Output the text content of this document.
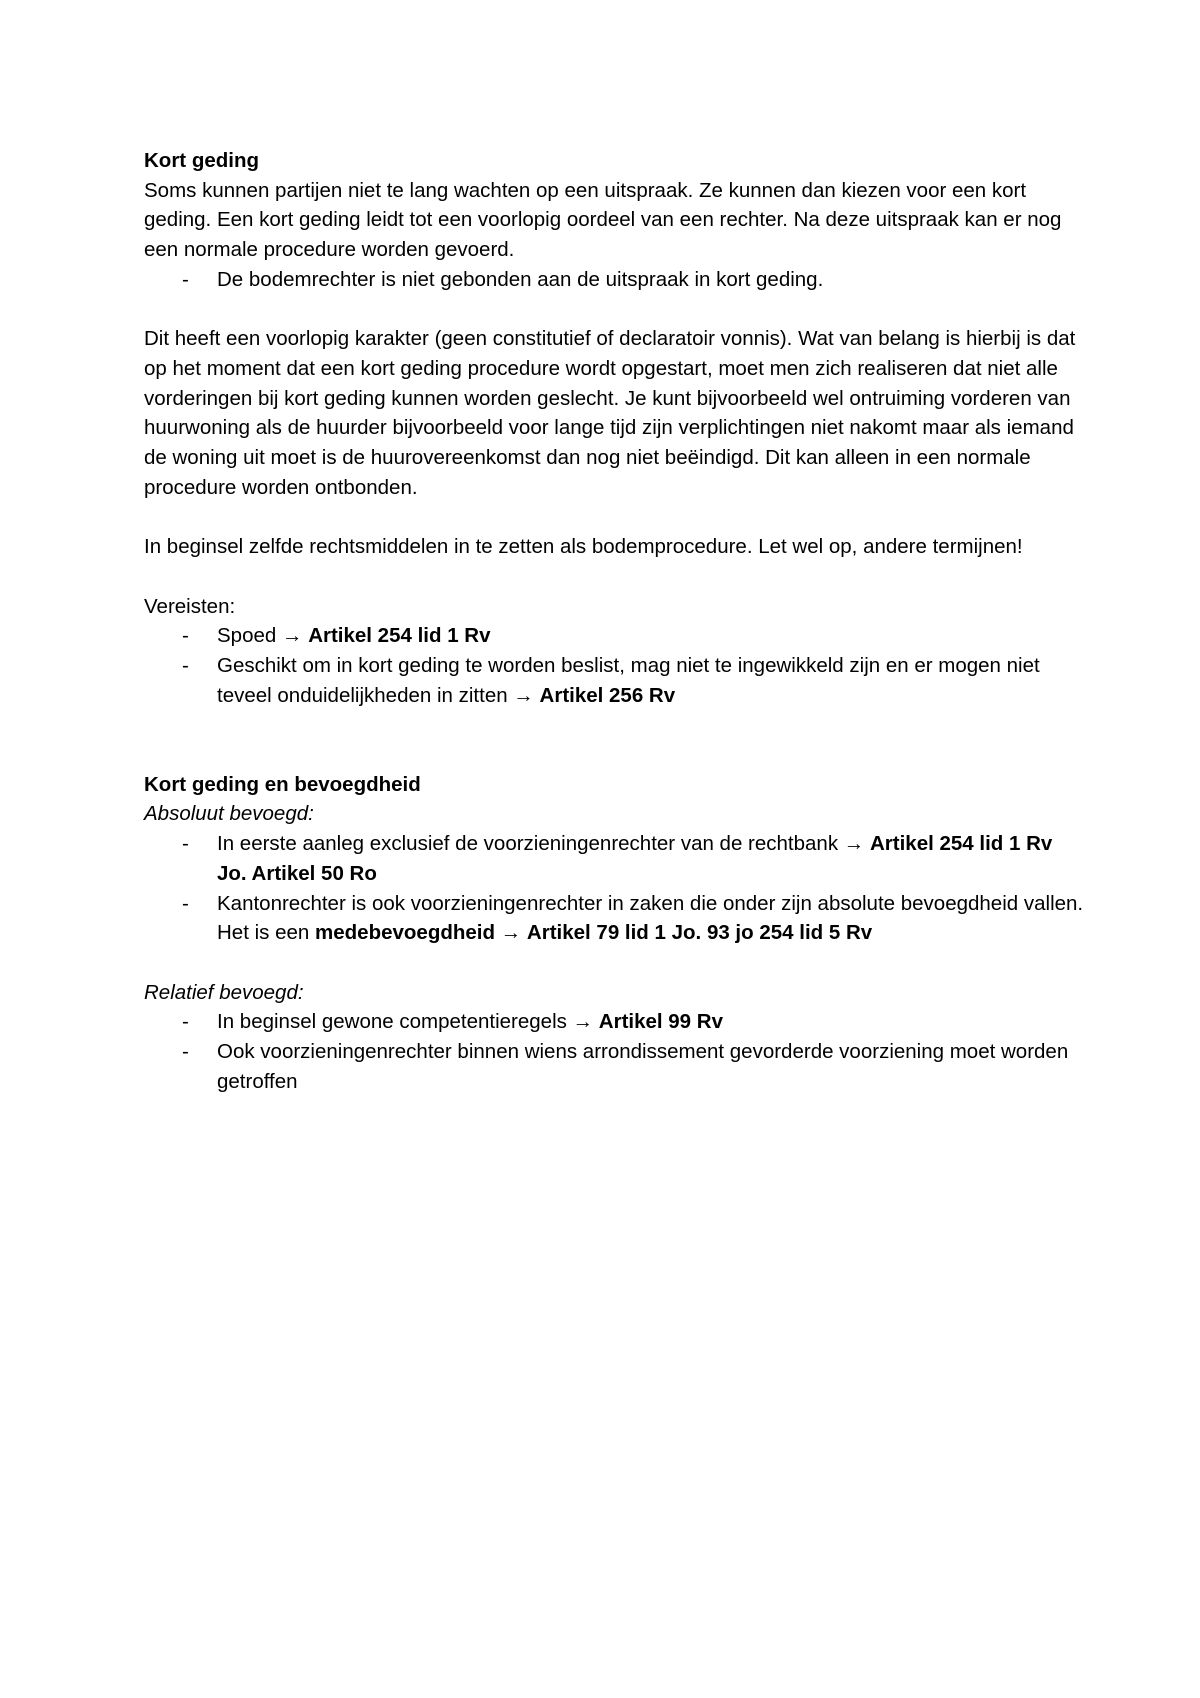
Kort geding

Soms kunnen partijen niet te lang wachten op een uitspraak. Ze kunnen dan kiezen voor een kort geding. Een kort geding leidt tot een voorlopig oordeel van een rechter. Na deze uitspraak kan er nog een normale procedure worden gevoerd.

- De bodemrechter is niet gebonden aan de uitspraak in kort geding.

Dit heeft een voorlopig karakter (geen constitutief of declaratoir vonnis). Wat van belang is hierbij is dat op het moment dat een kort geding procedure wordt opgestart, moet men zich realiseren dat niet alle vorderingen bij kort geding kunnen worden geslecht. Je kunt bijvoorbeeld wel ontruiming vorderen van huurwoning als de huurder bijvoorbeeld voor lange tijd zijn verplichtingen niet nakomt maar als iemand de woning uit moet is de huurovereenkomst dan nog niet beëindigd. Dit kan alleen in een normale procedure worden ontbonden.

In beginsel zelfde rechtsmiddelen in te zetten als bodemprocedure. Let wel op, andere termijnen!

Vereisten:

- Spoed → Artikel 254 lid 1 Rv
- Geschikt om in kort geding te worden beslist, mag niet te ingewikkeld zijn en er mogen niet teveel onduidelijkheden in zitten → Artikel 256 Rv

Kort geding en bevoegdheid

Absoluut bevoegd:

- In eerste aanleg exclusief de voorzieningenrechter van de rechtbank → Artikel 254 lid 1 Rv Jo. Artikel 50 Ro
- Kantonrechter is ook voorzieningenrechter in zaken die onder zijn absolute bevoegdheid vallen. Het is een medebevoegdheid → Artikel 79 lid 1 Jo. 93 jo 254 lid 5 Rv

Relatief bevoegd:

- In beginsel gewone competentieregels → Artikel 99 Rv
- Ook voorzieningenrechter binnen wiens arrondissement gevorderde voorziening moet worden getroffen
